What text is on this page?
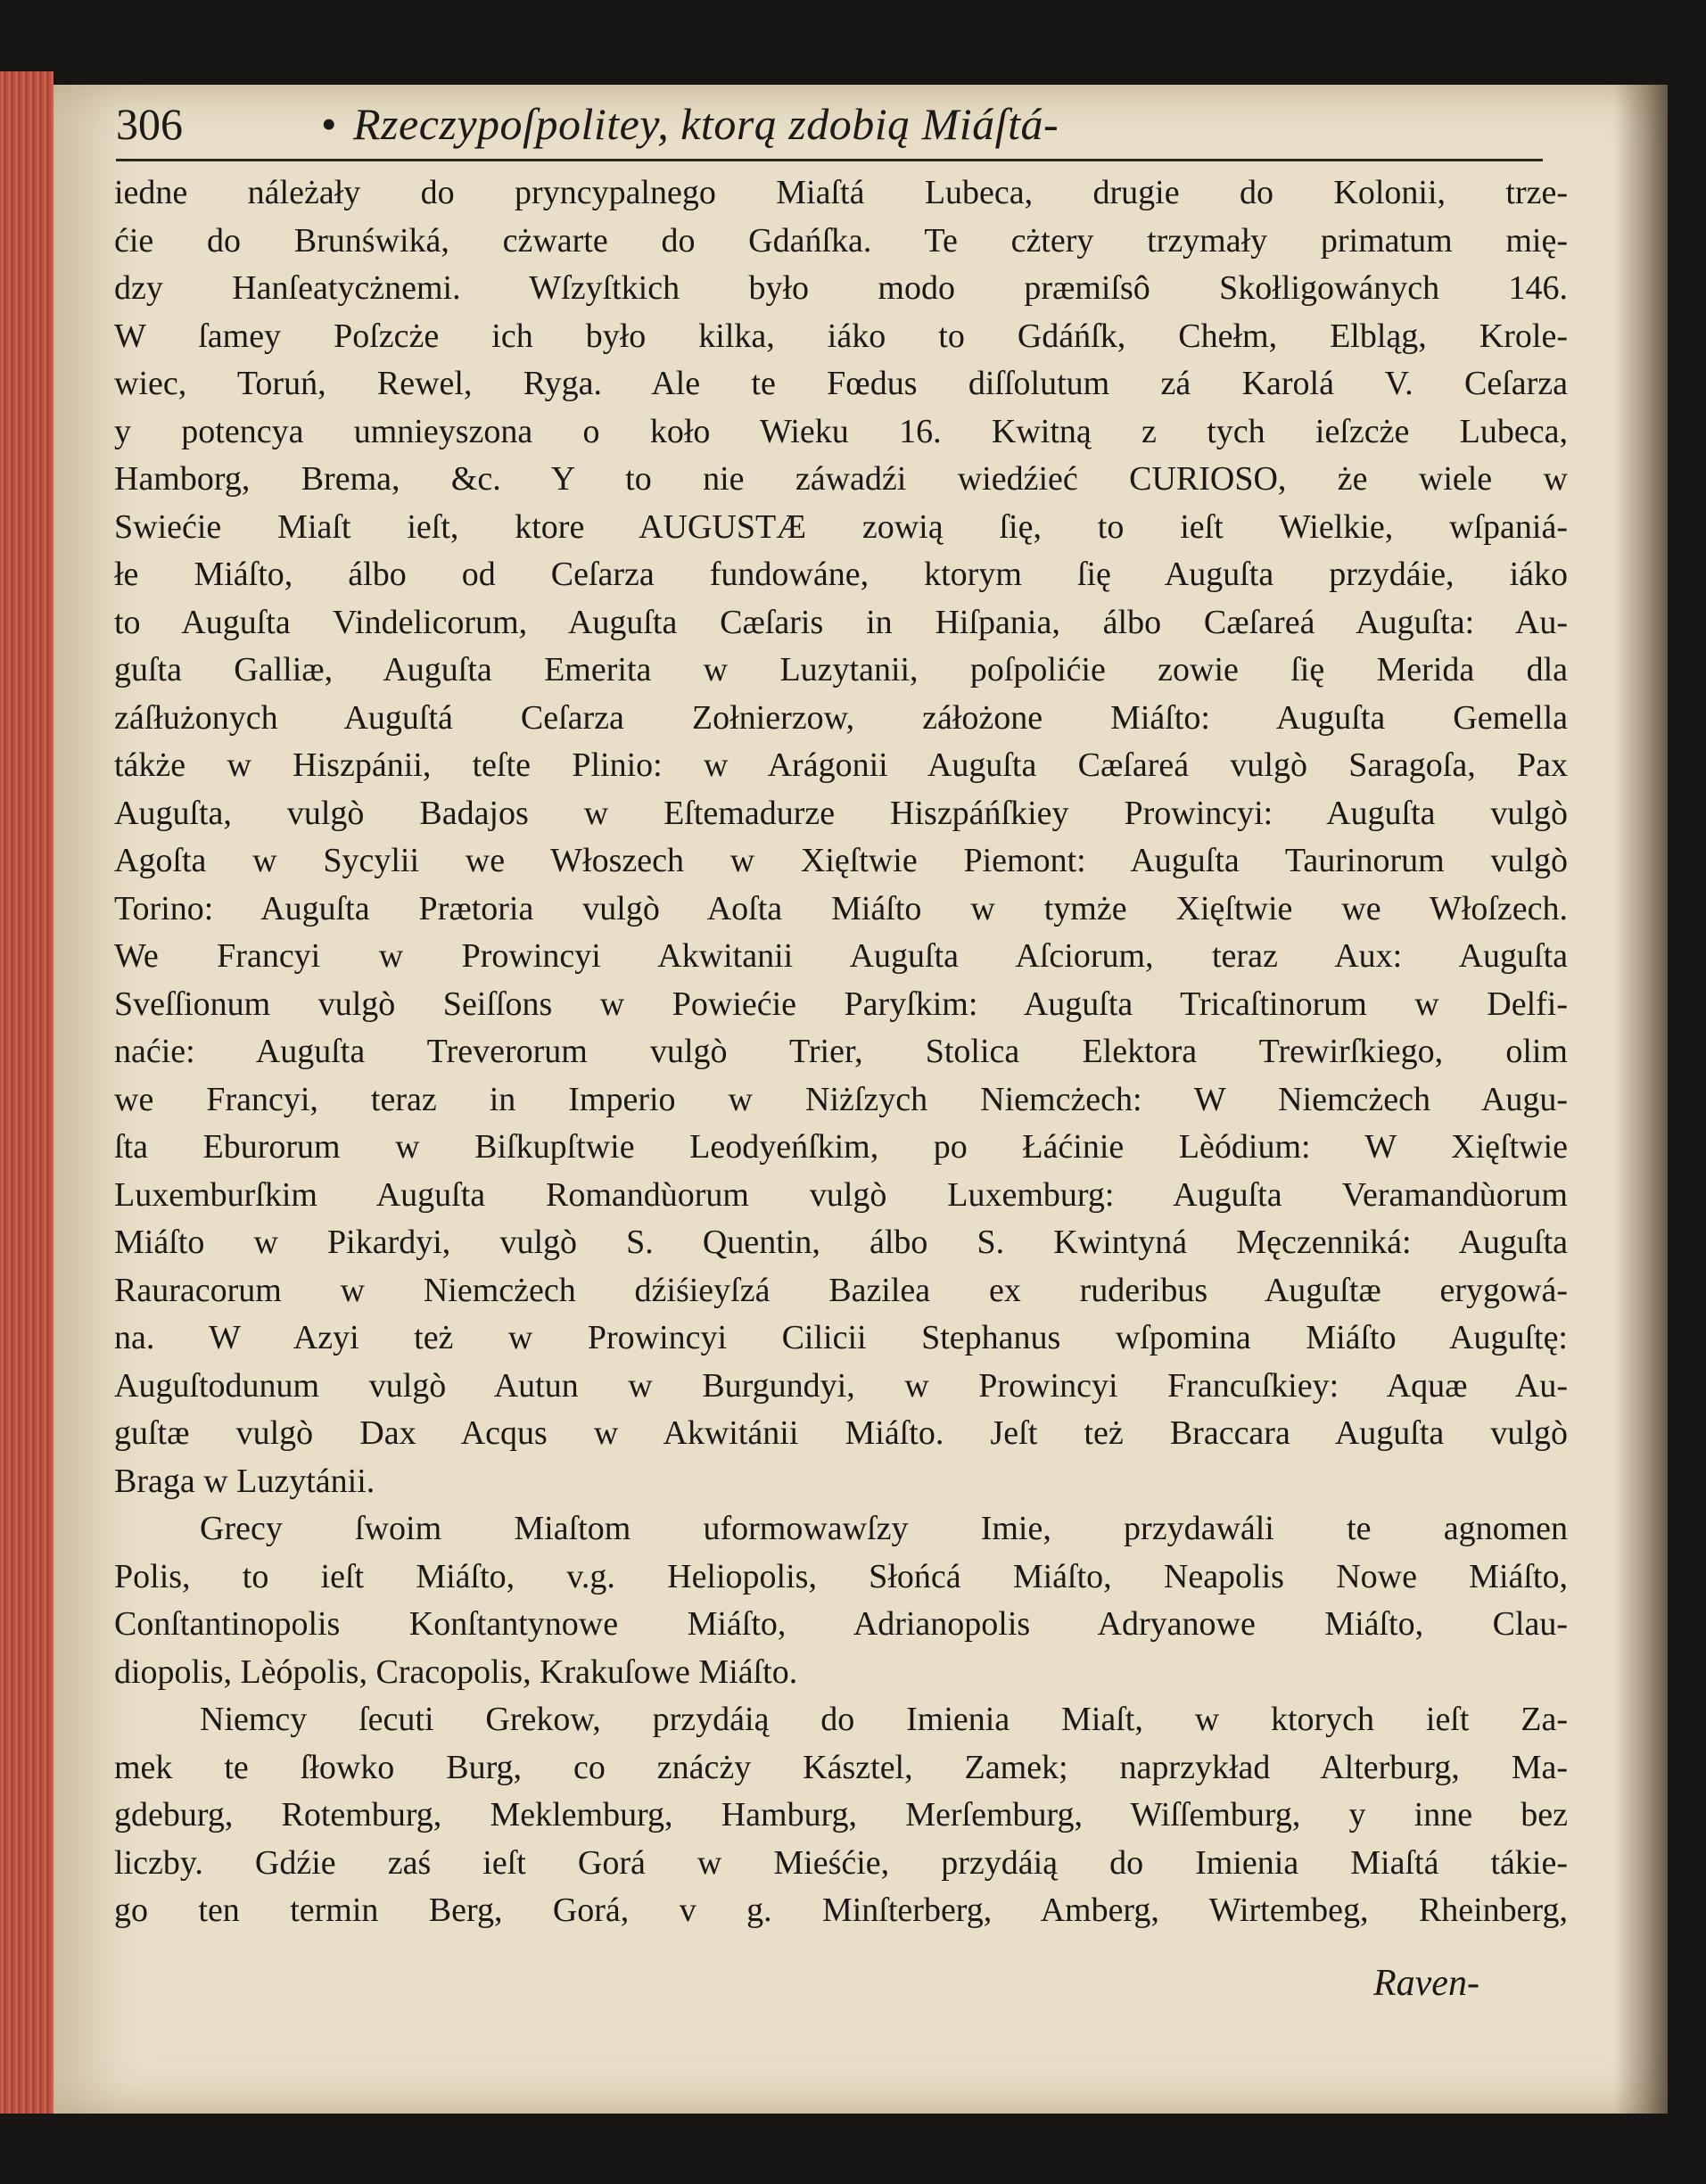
306	• Rzeczypoſpolitey, ktorą zdobią Miáſtá-
iedne náleżały do pryncypalnego Miaſtá Lubeca, drugie do Kolonii, trze-
ćie do Brunświká, cżwarte do Gdańſka. Te cżtery trzymały primatum mię-
dzy Hanſeatycżnemi. Wſzyſtkich było modo præmiſsô Skołligowánych 146.
W ſamey Poſzcże ich było kilka, iáko to Gdáńſk, Chełm, Elbląg, Krole-
wiec, Toruń, Rewel, Ryga. Ale te Fœdus diſſolutum zá Karolá V. Ceſarza
y potencya umnieyszona o koło Wieku 16. Kwitną z tych ieſzcże Lubeca,
Hamborg, Brema, &c. Y to nie záwadźi wiedźieć CURIOSO, że wiele w
Swiećie Miaſt ieſt, ktore AUGUSTÆ zowią ſię, to ieſt Wielkie, wſpaniá-
łe Miáſto, álbo od Ceſarza fundowáne, ktorym ſię Auguſta przydáie, iáko
to Auguſta Vindelicorum, Auguſta Cæſaris in Hiſpania, álbo Cæſareá Auguſta: Au-
guſta Galliæ, Auguſta Emerita w Luzytanii, poſpolićie zowie ſię Merida dla
záſłużonych Auguſtá Ceſarza Zołnierzow, záłożone Miáſto: Auguſta Gemella
tákże w Hiszpánii, teſte Plinio: w Arágonii Auguſta Cæſareá vulgò Saragoſa, Pax
Auguſta, vulgò Badajos w Eſtemadurze Hiszpáńſkiey Prowincyi: Auguſta vulgò
Agoſta w Sycylii we Włoszech w Xięſtwie Piemont: Auguſta Taurinorum vulgò
Torino: Auguſta Prætoria vulgò Aoſta Miáſto w tymże Xięſtwie we Włoſzech.
We Francyi w Prowincyi Akwitanii Auguſta Aſciorum, teraz Aux: Auguſta
Sveſſionum vulgò Seiſſons w Powiećie Paryſkim: Auguſta Tricaſtinorum w Delfi-
naćie: Auguſta Treverorum vulgò Trier, Stolica Elektora Trewirſkiego, olim
we Francyi, teraz in Imperio w Niżſzych Niemcżech: W Niemcżech Augu-
ſta Eburorum w Biſkupſtwie Leodyeńſkim, po Łáćinie Lèódium: W Xięſtwie
Luxemburſkim Auguſta Romandùorum vulgò Luxemburg: Auguſta Veramandùorum
Miáſto w Pikardyi, vulgò S. Quentin, álbo S. Kwintyná Męczenniká: Auguſta
Rauracorum w Niemcżech dźiśieyſzá Bazilea ex ruderibus Auguſtæ erygowá-
na. W Azyi też w Prowincyi Cilicii Stephanus wſpomina Miáſto Auguſtę:
Auguſtodunum vulgò Autun w Burgundyi, w Prowincyi Francuſkiey: Aquæ Au-
guſtæ vulgò Dax Acqus w Akwitánii Miáſto. Jeſt też Braccara Auguſta vulgò
Braga w Luzytánii.
Grecy ſwoim Miaſtom uformowawſzy Imie, przydawáli te agnomen
Polis, to ieſt Miáſto, v.g. Heliopolis, Słońcá Miáſto, Neapolis Nowe Miáſto,
Conſtantinopolis Konſtantynowe Miáſto, Adrianopolis Adryanowe Miáſto, Clau-
diopolis, Lèópolis, Cracopolis, Krakuſowe Miáſto.
Niemcy ſecuti Grekow, przydáią do Imienia Miaſt, w ktorych ieſt Za-
mek te ſłowko Burg, co znácży Kásztel, Zamek; naprzykład Alterburg, Ma-
gdeburg, Rotemburg, Meklemburg, Hamburg, Merſemburg, Wiſſemburg, y inne bez
liczby. Gdźie zaś ieſt Gorá w Mieśćie, przydáią do Imienia Miaſtá tákie-
go ten termin Berg, Gorá, v g. Minſterberg, Amberg, Wirtembeg, Rheinberg,
Raven-
